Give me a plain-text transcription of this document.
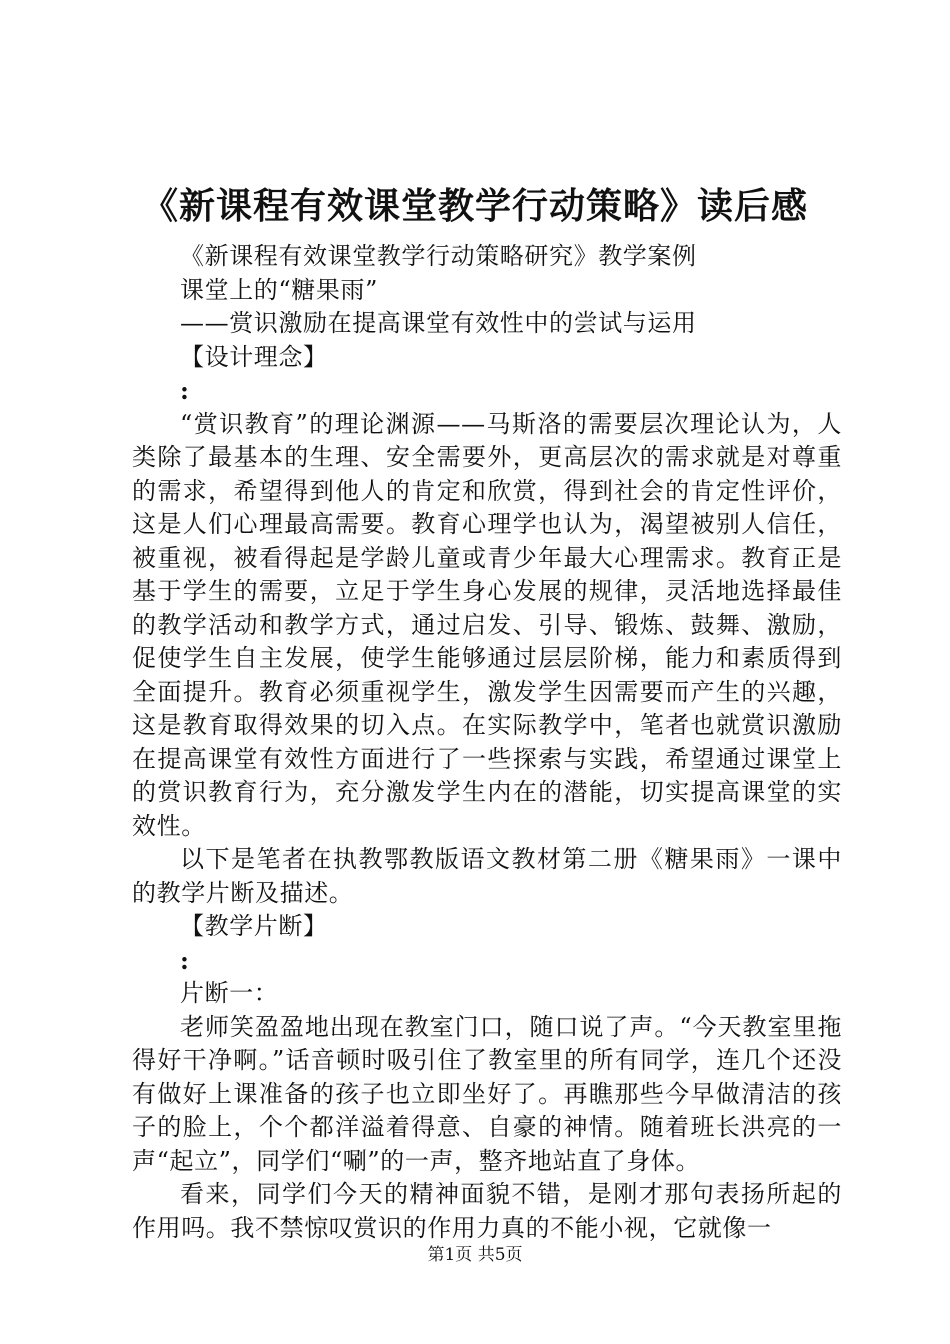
《新课程有效课堂教学行动策略》读后感

《新课程有效课堂教学行动策略研究》教学案例

课堂上的“糖果雨”

——赏识激励在提高课堂有效性中的尝试与运用

【设计理念】

:

“赏识教育”的理论渊源——马斯洛的需要层次理论认为，人类除了最基本的生理、安全需要外，更高层次的需求就是对尊重的需求，希望得到他人的肯定和欣赏，得到社会的肯定性评价，这是人们心理最高需要。教育心理学也认为，渴望被别人信任，被重视，被看得起是学龄儿童或青少年最大心理需求。教育正是基于学生的需要，立足于学生身心发展的规律，灵活地选择最佳的教学活动和教学方式，通过启发、引导、锻炼、鼓舞、激励，促使学生自主发展，使学生能够通过层层阶梯，能力和素质得到全面提升。教育必须重视学生，激发学生因需要而产生的兴趣，这是教育取得效果的切入点。在实际教学中，笔者也就赏识激励在提高课堂有效性方面进行了一些探索与实践，希望通过课堂上的赏识教育行为，充分激发学生内在的潜能，切实提高课堂的实效性。

以下是笔者在执教鄂教版语文教材第二册《糖果雨》一课中的教学片断及描述。

【教学片断】

:

片断一：

老师笑盈盈地出现在教室门口，随口说了声。“今天教室里拖得好干净啊。”话音顿时吸引住了教室里的所有同学，连几个还没有做好上课准备的孩子也立即坐好了。再瞧那些今早做清洁的孩子的脸上，个个都洋溢着得意、自豪的神情。随着班长洪亮的一声“起立”，同学们“唰”的一声，整齐地站直了身体。

看来，同学们今天的精神面貌不错，是刚才那句表扬所起的作用吗。我不禁惊叹赏识的作用力真的不能小视，它就像一

第1页 共5页
